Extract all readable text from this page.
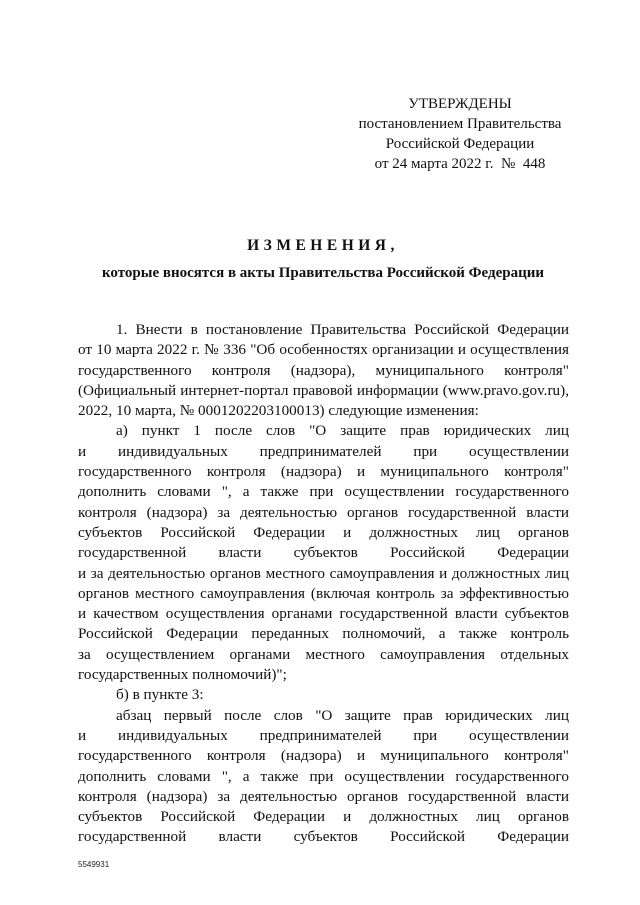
УТВЕРЖДЕНЫ
постановлением Правительства
Российской Федерации
от 24 марта 2022 г. № 448
ИЗМЕНЕНИЯ,
которые вносятся в акты Правительства Российской Федерации

1. Внести в постановление Правительства Российской Федерации

от 10 марта 2022 г. № 336 "Об особенностях организации и осуществления

государственного контроля (надзора), муниципального контроля"

(Официальный интернет-портал правовой информации (www.pravo.gov.ru),

2022, 10 марта, № 0001202203100013) следующие изменения:

а) пункт 1 после слов "О защите прав юридических лиц

и индивидуальных предпринимателей при осуществлении

государственного контроля (надзора) и муниципального контроля"

дополнить словами ", а также при осуществлении государственного

контроля (надзора) за деятельностью органов государственной власти

субъектов Российской Федерации и должностных лиц органов

государственной власти субъектов Российской Федерации

и за деятельностью органов местного самоуправления и должностных лиц

органов местного самоуправления (включая контроль за эффективностью

и качеством осуществления органами государственной власти субъектов

Российской Федерации переданных полномочий, а также контроль

за осуществлением органами местного самоуправления отдельных

государственных полномочий)";

б) в пункте 3:

абзац первый после слов "О защите прав юридических лиц

и индивидуальных предпринимателей при осуществлении

государственного контроля (надзора) и муниципального контроля"

дополнить словами ", а также при осуществлении государственного

контроля (надзора) за деятельностью органов государственной власти

субъектов Российской Федерации и должностных лиц органов

государственной власти субъектов Российской Федерации

5549931
